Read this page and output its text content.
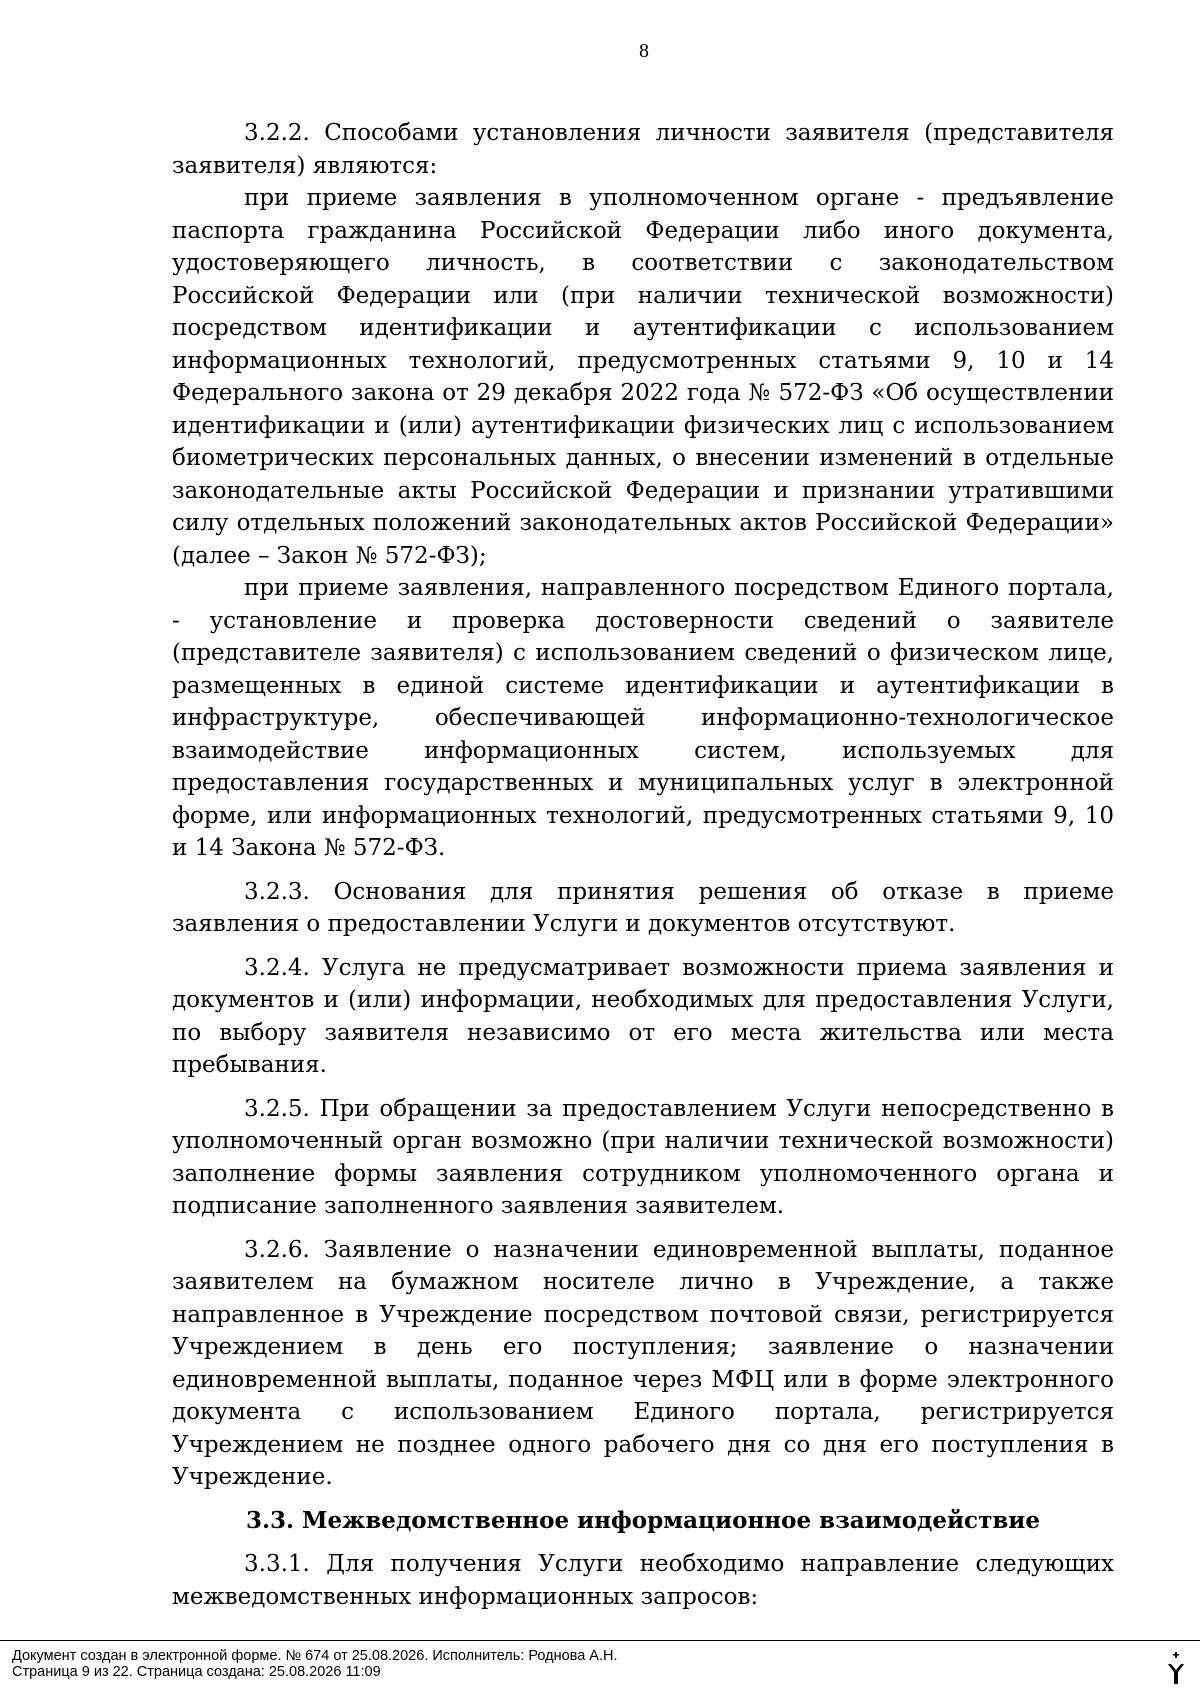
8

3.2.2. Способами установления личности заявителя (представителя заявителя) являются:

при приеме заявления в уполномоченном органе - предъявление паспорта гражданина Российской Федерации либо иного документа, удостоверяющего личность, в соответствии с законодательством Российской Федерации или (при наличии технической возможности) посредством идентификации и аутентификации с использованием информационных технологий, предусмотренных статьями 9, 10 и 14 Федерального закона от 29 декабря 2022 года № 572-ФЗ «Об осуществлении идентификации и (или) аутентификации физических лиц с использованием биометрических персональных данных, о внесении изменений в отдельные законодательные акты Российской Федерации и признании утратившими силу отдельных положений законодательных актов Российской Федерации» (далее – Закон № 572-ФЗ);

при приеме заявления, направленного посредством Единого портала, - установление и проверка достоверности сведений о заявителе (представителе заявителя) с использованием сведений о физическом лице, размещенных в единой системе идентификации и аутентификации в инфраструктуре, обеспечивающей информационно-технологическое взаимодействие информационных систем, используемых для предоставления государственных и муниципальных услуг в электронной форме, или информационных технологий, предусмотренных статьями 9, 10 и 14 Закона № 572-ФЗ.

3.2.3. Основания для принятия решения об отказе в приеме заявления о предоставлении Услуги и документов отсутствуют.

3.2.4. Услуга не предусматривает возможности приема заявления и документов и (или) информации, необходимых для предоставления Услуги, по выбору заявителя независимо от его места жительства или места пребывания.

3.2.5. При обращении за предоставлением Услуги непосредственно в уполномоченный орган возможно (при наличии технической возможности) заполнение формы заявления сотрудником уполномоченного органа и подписание заполненного заявления заявителем.

3.2.6. Заявление о назначении единовременной выплаты, поданное заявителем на бумажном носителе лично в Учреждение, а также направленное в Учреждение посредством почтовой связи, регистрируется Учреждением в день его поступления; заявление о назначении единовременной выплаты, поданное через МФЦ или в форме электронного документа с использованием Единого портала, регистрируется Учреждением не позднее одного рабочего дня со дня его поступления в Учреждение.

3.3. Межведомственное информационное взаимодействие

3.3.1. Для получения Услуги необходимо направление следующих межведомственных информационных запросов:

Документ создан в электронной форме. № 674 от 25.08.2026. Исполнитель: Роднова А.Н.
Страница 9 из 22. Страница создана: 25.08.2026 11:09
